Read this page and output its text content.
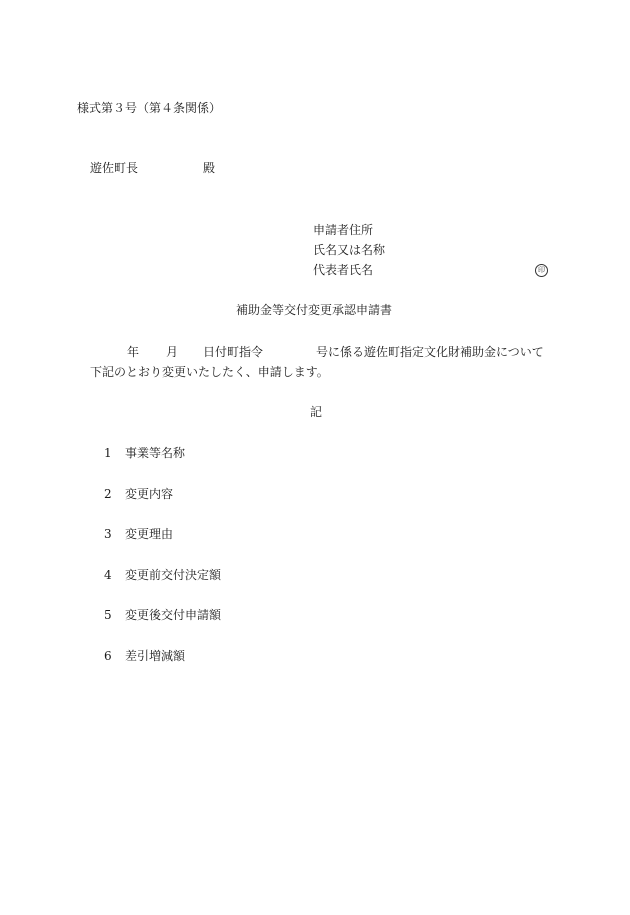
様式第３号（第４条関係）
遊佐町長	殿
申請者住所
氏名又は名称
代表者氏名	印
補助金等交付変更承認申請書
年 月 日付町指令	号に係る遊佐町指定文化財補助金について
下記のとおり変更いたしたく、申請します。
記
1 事業等名称
2 変更内容
3 変更理由
4 変更前交付決定額
5 変更後交付申請額
6 差引増減額
